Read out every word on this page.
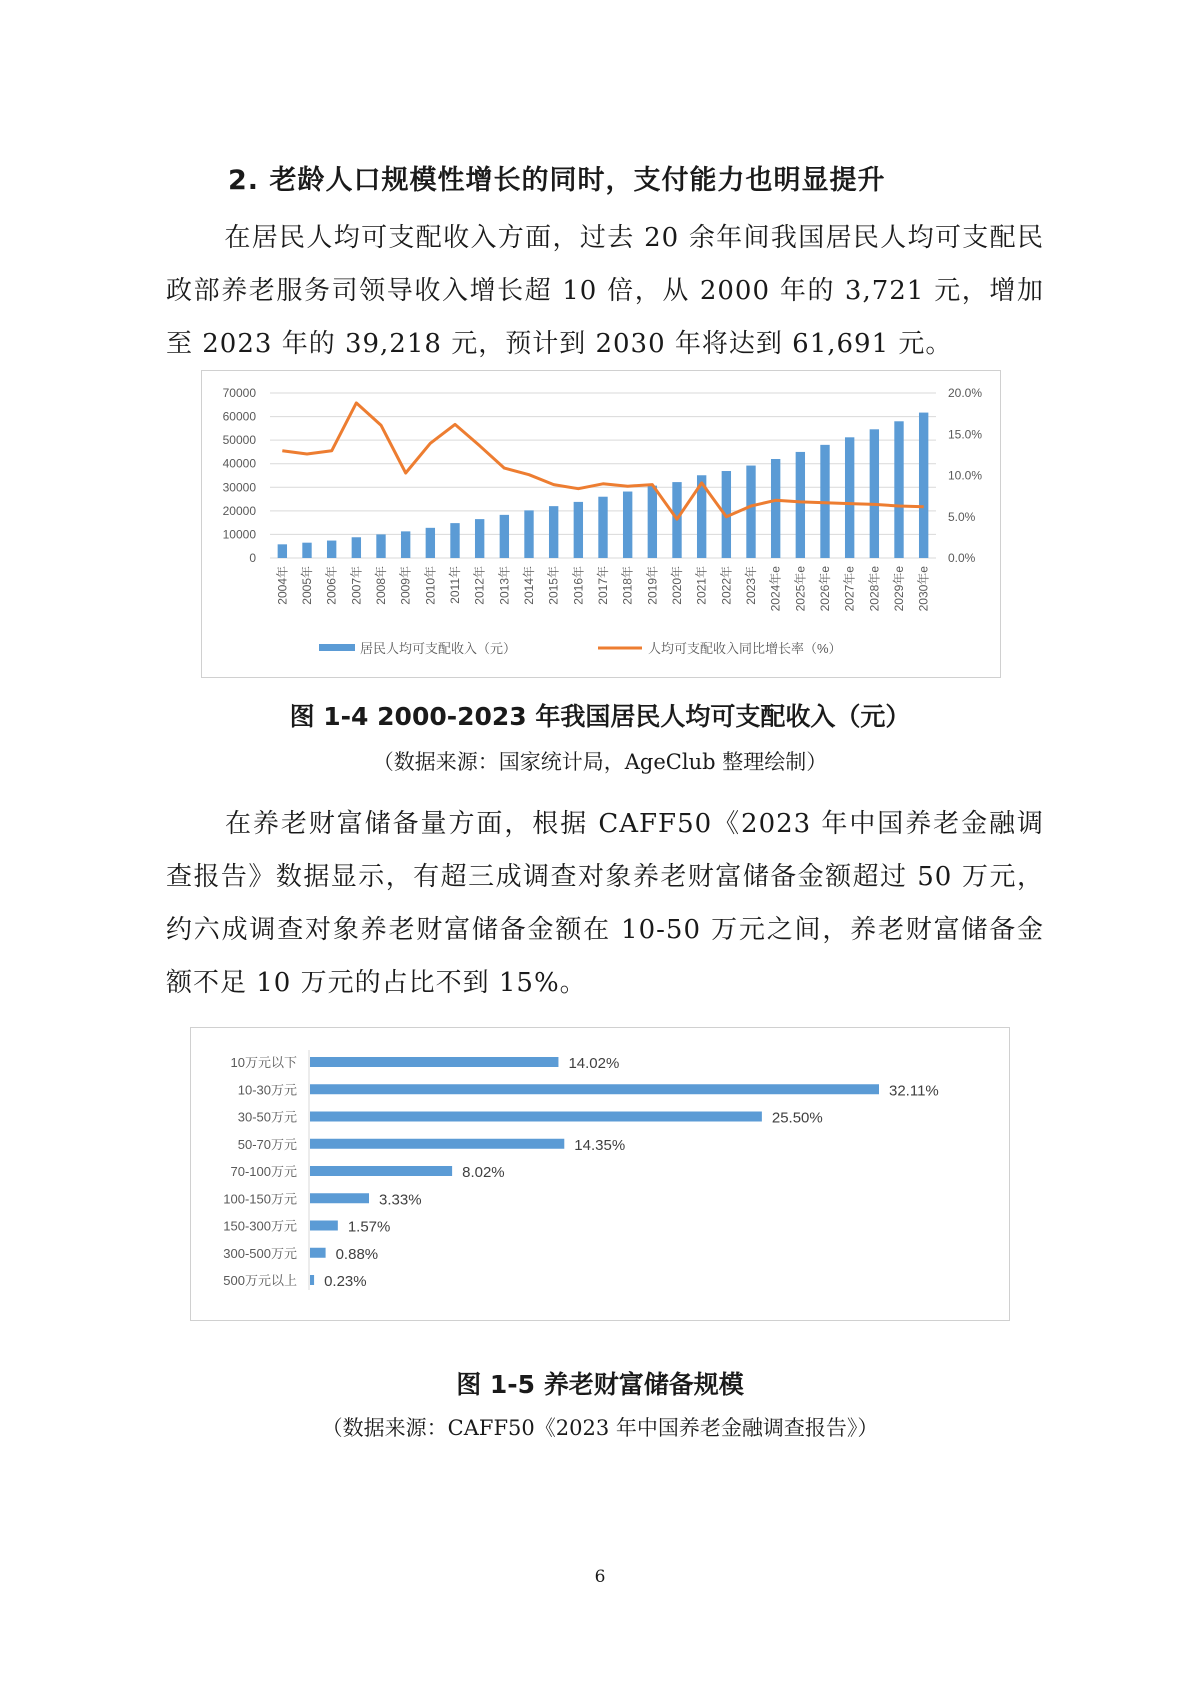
2. 老龄人口规模性增长的同时，支付能力也明显提升
在居民人均可支配收入方面，过去 20 余年间我国居民人均可支配民政部养老服务司领导收入增长超 10 倍，从 2000 年的 3,721 元，增加至 2023 年的 39,218 元，预计到 2030 年将达到 61,691 元。
70000
60000
50000
40000
30000
20000
10000
0
20.0%
15.0%
10.0%
5.0%
0.0%
2004年 2005年 2006年 2007年 2008年 2009年 2010年 2011年 2012年 2013年 2014年 2015年 2016年 2017年 2018年 2019年 2020年 2021年 2022年 2023年 2024年e 2025年e 2026年e 2027年e 2028年e 2029年e 2030年e
居民人均可支配收入（元）	人均可支配收入同比增长率（%）
图 1-4 2000-2023 年我国居民人均可支配收入（元）
（数据来源：国家统计局，AgeClub 整理绘制）
在养老财富储备量方面，根据 CAFF50《2023 年中国养老金融调查报告》数据显示，有超三成调查对象养老财富储备金额超过 50 万元，约六成调查对象养老财富储备金额在 10-50 万元之间，养老财富储备金额不足 10 万元的占比不到 15%。
10万元以下	14.02%
10-30万元	32.11%
30-50万元	25.50%
50-70万元	14.35%
70-100万元	8.02%
100-150万元	3.33%
150-300万元	1.57%
300-500万元	0.88%
500万元以上 0.23%
图 1-5 养老财富储备规模
（数据来源：CAFF50《2023 年中国养老金融调查报告》）
6
